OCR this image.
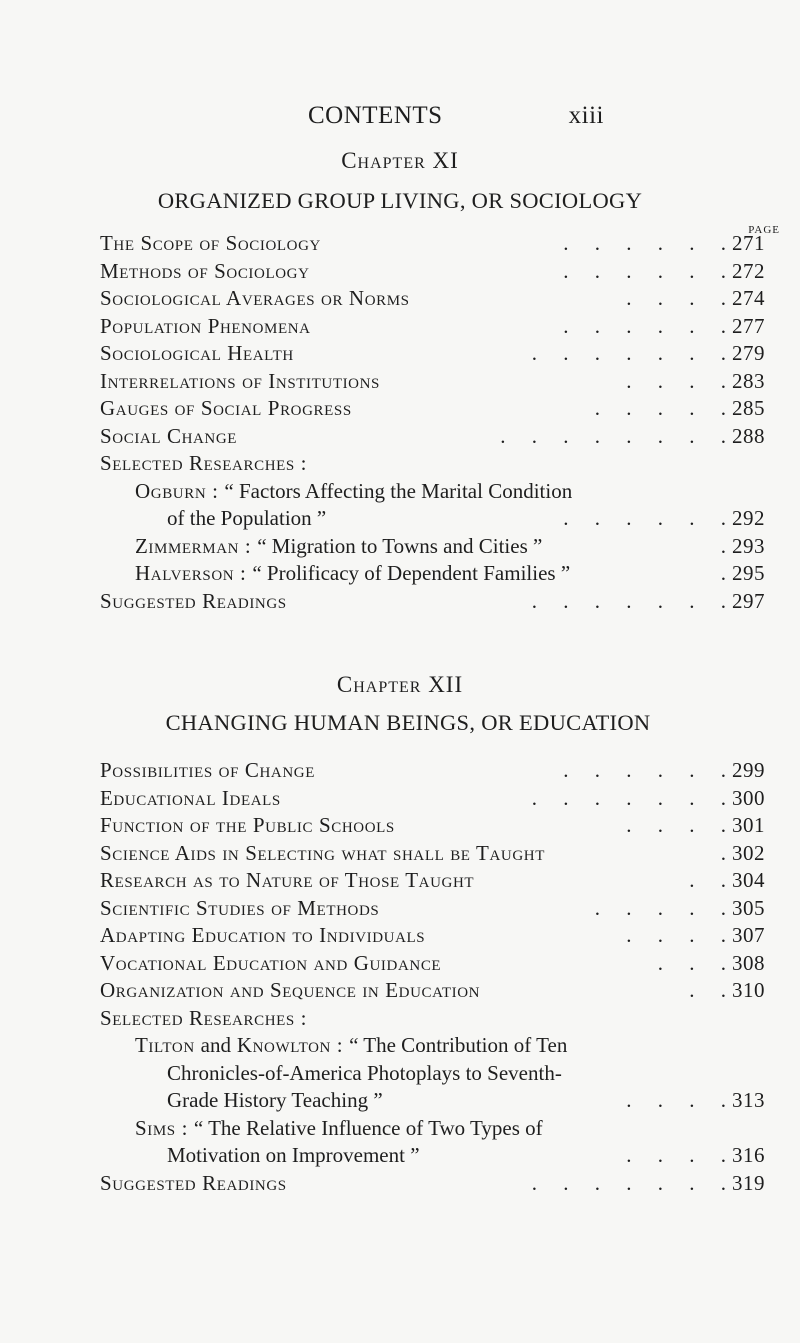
CONTENTS	xiii
Chapter XI
ORGANIZED GROUP LIVING, OR SOCIOLOGY
PAGE
The Scope of Sociology	.     .     .     .     .     . 271
Methods of Sociology	.     .     .     .     .     . 272
Sociological Averages or Norms	.     .     .     . 274
Population Phenomena	.     .     .     .     .     . 277
Sociological Health	.     .     .     .     .     .     . 279
Interrelations of Institutions	.     .     .     . 283
Gauges of Social Progress	.     .     .     .     . 285
Social Change	.     .     .     .     .     .     .     . 288
Selected Researches :
Ogburn : “ Factors Affecting the Marital Condition
of the Population ”	.     .     .     .     .     . 292
Zimmerman : “ Migration to Towns and Cities ”	. 293
Halverson : “ Prolificacy of Dependent Families ”	. 295
Suggested Readings	.     .     .     .     .     .     . 297
Chapter XII
CHANGING HUMAN BEINGS, OR EDUCATION
Possibilities of Change	.     .     .     .     .     . 299
Educational Ideals	.     .     .     .     .     .     . 300
Function of the Public Schools	.     .     .     . 301
Science Aids in Selecting what shall be Taught	. 302
Research as to Nature of Those Taught	.     . 304
Scientific Studies of Methods	.     .     .     .     . 305
Adapting Education to Individuals	.     .     .     . 307
Vocational Education and Guidance	.     .     . 308
Organization and Sequence in Education	.     . 310
Selected Researches :
Tilton and Knowlton : “ The Contribution of Ten
Chronicles-of-America Photoplays to Seventh-
Grade History Teaching ”	.     .     .     . 313
Sims : “ The Relative Influence of Two Types of
Motivation on Improvement ”	.     .     .     . 316
Suggested Readings	.     .     .     .     .     .     . 319
